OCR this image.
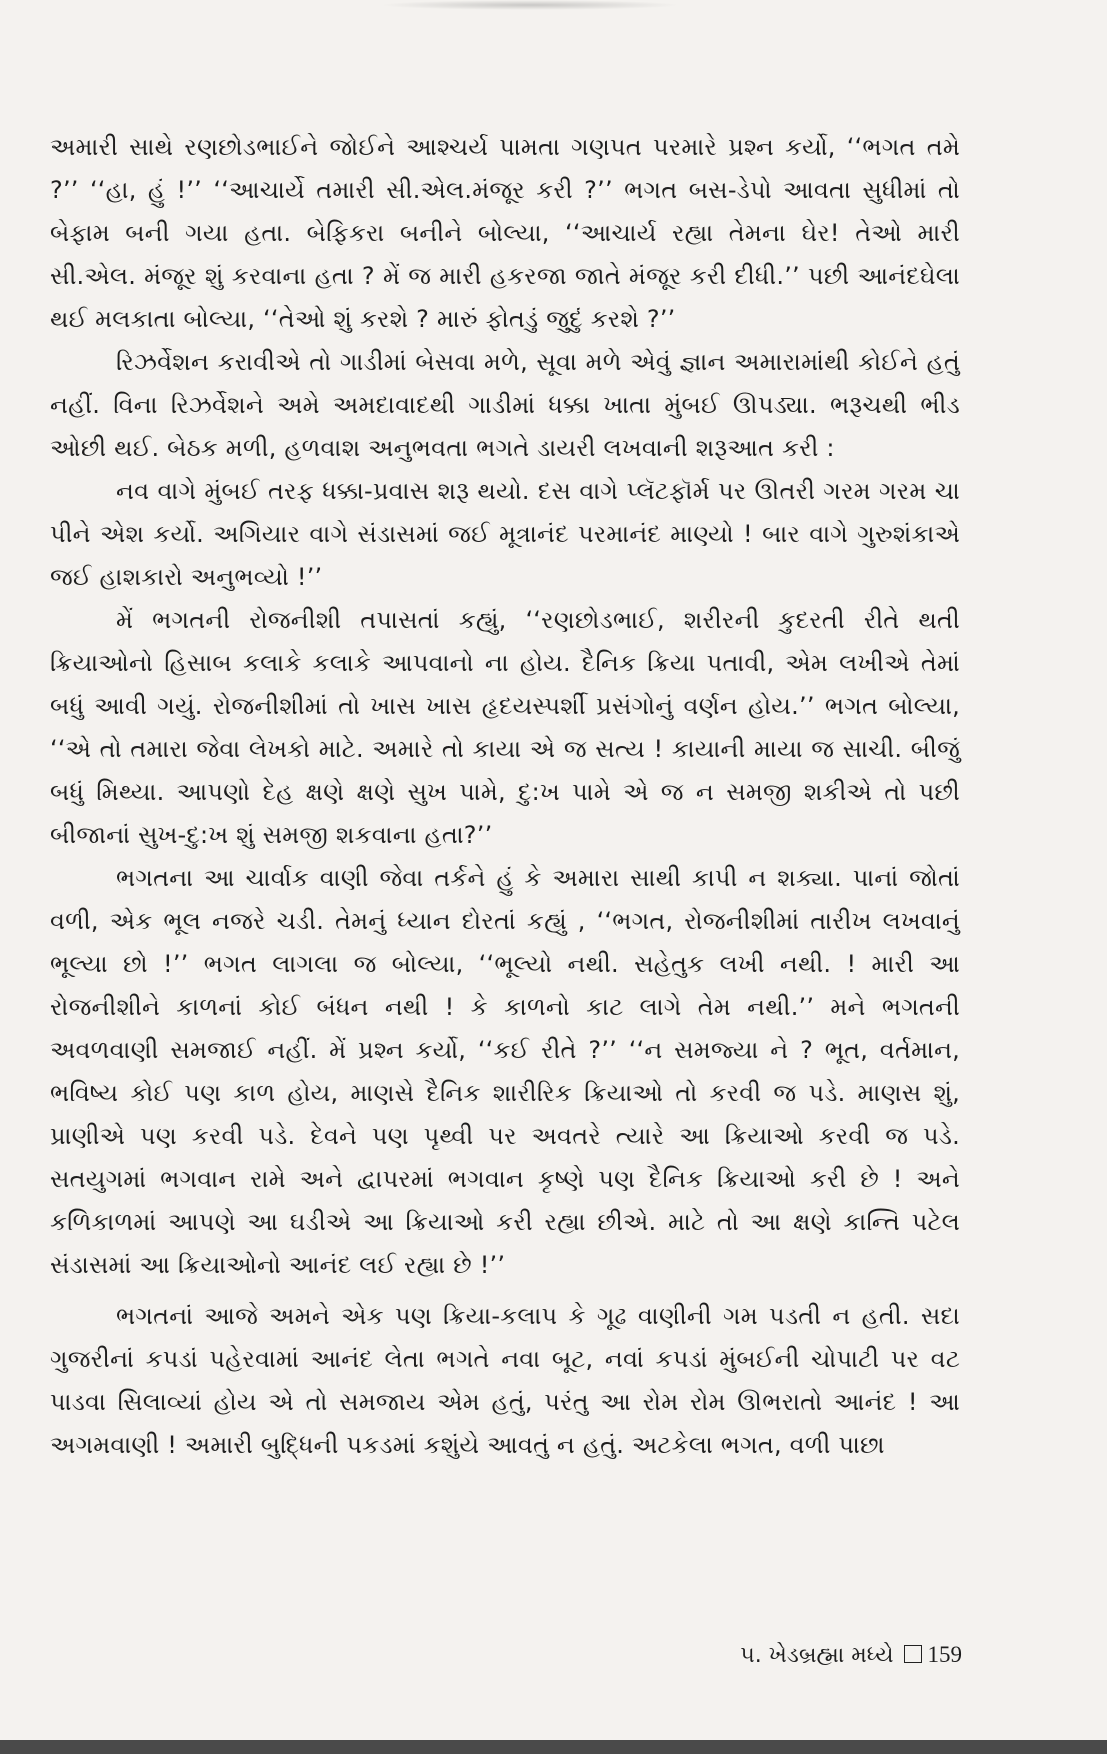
અમારી સાથે રણછોડભાઈને જોઈને આશ્ચર્ય પામતા ગણપત પરમારે પ્રશ્ન કર્યો, ‘‘ભગત તમે ?’’ ‘‘હા, હું !’’ ‘‘આચાર્યે તમારી સી.એલ.મંજૂર કરી ?’’ ભગત બસ-ડેપો આવતા સુધીમાં તો બેફામ બની ગયા હતા. બેફિકરા બનીને બોલ્યા, ‘‘આચાર્ય રહ્યા તેમના ઘેર! તેઓ મારી સી.એલ. મંજૂર શું કરવાના હતા ? મેં જ મારી હકરજા જાતે મંજૂર કરી દીધી.’’ પછી આનંદઘેલા થઈ મલકાતા બોલ્યા, ‘‘તેઓ શું કરશે ? મારું ફોતડું જુદું કરશે ?’’

રિઝર્વેશન કરાવીએ તો ગાડીમાં બેસવા મળે, સૂવા મળે એવું જ્ઞાન અમારામાંથી કોઈને હતું નહીં. વિના રિઝર્વેશને અમે અમદાવાદથી ગાડીમાં ધક્કા ખાતા મુંબઈ ઊપડ્યા. ભરૂચથી ભીડ ઓછી થઈ. બેઠક મળી, હળવાશ અનુભવતા ભગતે ડાયરી લખવાની શરૂઆત કરી :

નવ વાગે મુંબઈ તરફ ધક્કા-પ્રવાસ શરૂ થયો. દસ વાગે પ્લૅટફૉર્મ પર ઊતરી ગરમ ગરમ ચા પીને એશ કર્યો. અગિયાર વાગે સંડાસમાં જઈ મૂત્રાનંદ પરમાનંદ માણ્યો ! બાર વાગે ગુરુશંકાએ જઈ હાશકારો અનુભવ્યો !’’

મેં ભગતની રોજનીશી તપાસતાં કહ્યું, ‘‘રણછોડભાઈ, શરીરની કુદરતી રીતે થતી ક્રિયાઓનો હિસાબ કલાકે કલાકે આપવાનો ના હોય. દૈનિક ક્રિયા પતાવી, એમ લખીએ તેમાં બધું આવી ગયું. રોજનીશીમાં તો ખાસ ખાસ હૃદયસ્પર્શી પ્રસંગોનું વર્ણન હોય.’’ ભગત બોલ્યા, ‘‘એ તો તમારા જેવા લેખકો માટે. અમારે તો કાયા એ જ સત્ય ! કાયાની માયા જ સાચી. બીજું બધું મિથ્યા. આપણો દેહ ક્ષણે ક્ષણે સુખ પામે, દુ:ખ પામે એ જ ન સમજી શકીએ તો પછી બીજાનાં સુખ-દુ:ખ શું સમજી શકવાના હતા?’’

ભગતના આ ચાર્વાક વાણી જેવા તર્કને હું કે અમારા સાથી કાપી ન શક્યા. પાનાં જોતાં વળી, એક ભૂલ નજરે ચડી. તેમનું ધ્યાન દોરતાં કહ્યું , ‘‘ભગત, રોજનીશીમાં તારીખ લખવાનું ભૂલ્યા છો !’’ ભગત લાગલા જ બોલ્યા, ‘‘ભૂલ્યો નથી. સહેતુક લખી નથી. ! મારી આ રોજનીશીને કાળનાં કોઈ બંધન નથી ! કે કાળનો કાટ લાગે તેમ નથી.’’ મને ભગતની અવળવાણી સમજાઈ નહીં. મેં પ્રશ્ન કર્યો, ‘‘કઈ રીતે ?’’ ‘‘ન સમજ્યા ને ? ભૂત, વર્તમાન, ભવિષ્ય કોઈ પણ કાળ હોય, માણસે દૈનિક શારીરિક ક્રિયાઓ તો કરવી જ પડે. માણસ શું, પ્રાણીએ પણ કરવી પડે. દેવને પણ પૃથ્વી પર અવતરે ત્યારે આ ક્રિયાઓ કરવી જ પડે. સતયુગમાં ભગવાન રામે અને દ્વાપરમાં ભગવાન કૃષ્ણે પણ દૈનિક ક્રિયાઓ કરી છે ! અને કળિકાળમાં આપણે આ ઘડીએ આ ક્રિયાઓ કરી રહ્યા છીએ. માટે તો આ ક્ષણે કાન્તિ પટેલ સંડાસમાં આ ક્રિયાઓનો આનંદ લઈ રહ્યા છે !’’

ભગતનાં આજે અમને એક પણ ક્રિયા-કલાપ કે ગૂઢ વાણીની ગમ પડતી ન હતી. સદા ગુજરીનાં કપડાં પહેરવામાં આનંદ લેતા ભગતે નવા બૂટ, નવાં કપડાં મુંબઈની ચોપાટી પર વટ પાડવા સિલાવ્યાં હોય એ તો સમજાય એમ હતું, પરંતુ આ રોમ રોમ ઊભરાતો આનંદ ! આ અગમવાણી ! અમારી બુદ્ધિની પકડમાં કશુંયે આવતું ન હતું. અટકેલા ભગત, વળી પાછા

૫. ખેડબ્રહ્મા મધ્યે 159
